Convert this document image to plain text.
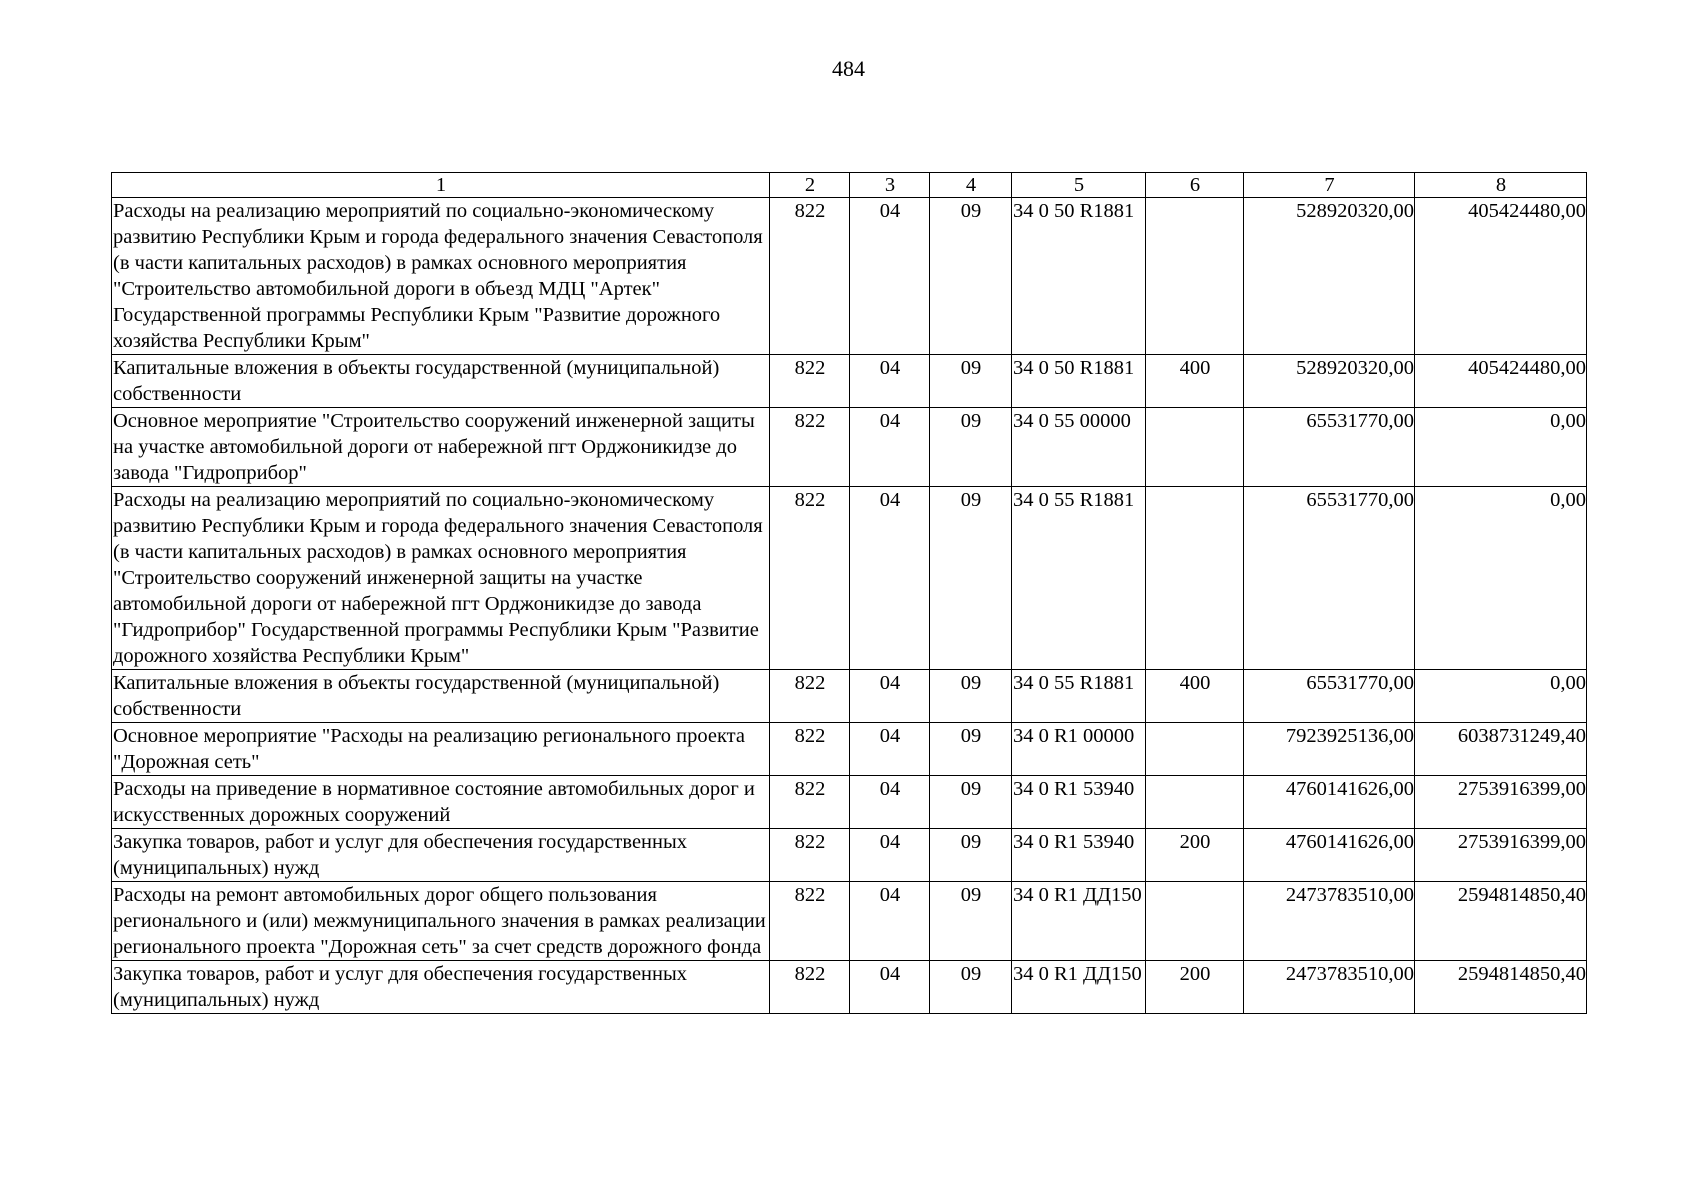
484
1	2	3	4	5	6	7	8
Расходы на реализацию мероприятий по социально-экономическому развитию Республики Крым и города федерального значения Севастополя (в части капитальных расходов) в рамках основного мероприятия "Строительство автомобильной дороги в объезд МДЦ "Артек" Государственной программы Республики Крым "Развитие дорожного хозяйства Республики Крым"	822	04	09	34 0 50 R1881		528920320,00	405424480,00
Капитальные вложения в объекты государственной (муниципальной) собственности	822	04	09	34 0 50 R1881	400	528920320,00	405424480,00
Основное мероприятие "Строительство сооружений инженерной защиты на участке автомобильной дороги от набережной пгт Орджоникидзе до завода "Гидроприбор"	822	04	09	34 0 55 00000		65531770,00	0,00
Расходы на реализацию мероприятий по социально-экономическому развитию Республики Крым и города федерального значения Севастополя (в части капитальных расходов) в рамках основного мероприятия "Строительство сооружений инженерной защиты на участке автомобильной дороги от набережной пгт Орджоникидзе до завода "Гидроприбор" Государственной программы Республики Крым "Развитие дорожного хозяйства Республики Крым"	822	04	09	34 0 55 R1881		65531770,00	0,00
Капитальные вложения в объекты государственной (муниципальной) собственности	822	04	09	34 0 55 R1881	400	65531770,00	0,00
Основное мероприятие "Расходы на реализацию регионального проекта "Дорожная сеть"	822	04	09	34 0 R1 00000		7923925136,00	6038731249,40
Расходы на приведение в нормативное состояние автомобильных дорог и искусственных дорожных сооружений	822	04	09	34 0 R1 53940		4760141626,00	2753916399,00
Закупка товаров, работ и услуг для обеспечения государственных (муниципальных) нужд	822	04	09	34 0 R1 53940	200	4760141626,00	2753916399,00
Расходы на ремонт автомобильных дорог общего пользования регионального и (или) межмуниципального значения в рамках реализации регионального проекта "Дорожная сеть" за счет средств дорожного фонда	822	04	09	34 0 R1 ДД150		2473783510,00	2594814850,40
Закупка товаров, работ и услуг для обеспечения государственных (муниципальных) нужд	822	04	09	34 0 R1 ДД150	200	2473783510,00	2594814850,40
